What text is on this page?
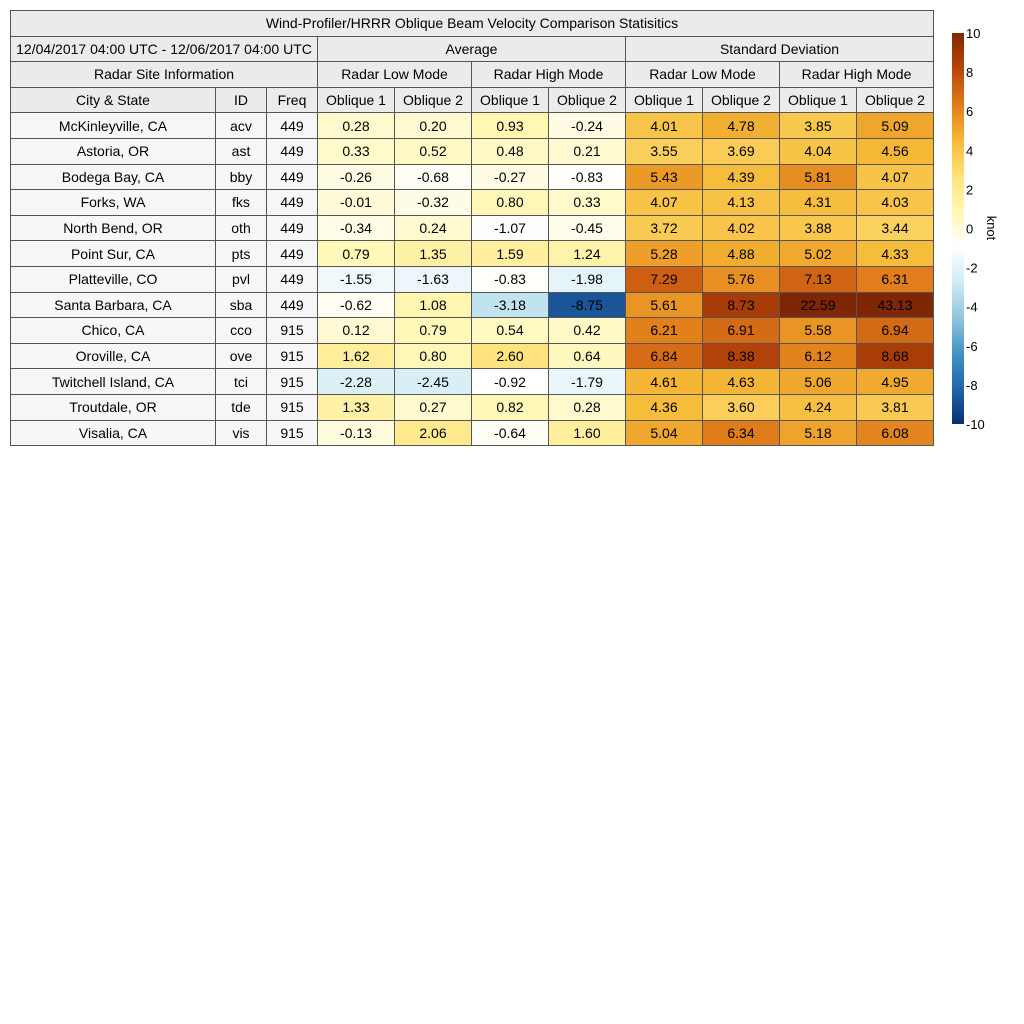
Wind-Profiler/HRRR Oblique Beam Velocity Comparison Statisitics										
12/04/2017 04:00 UTC - 12/06/2017 04:00 UTC			Average				Standard Deviation			
Radar Site Information			Radar Low Mode		Radar High Mode		Radar Low Mode		Radar High Mode	
City & State	ID	Freq	Oblique 1	Oblique 2	Oblique 1	Oblique 2	Oblique 1	Oblique 2	Oblique 1	Oblique 2
McKinleyville, CA	acv	449	0.28	0.20	0.93	-0.24	4.01	4.78	3.85	5.09
Astoria, OR	ast	449	0.33	0.52	0.48	0.21	3.55	3.69	4.04	4.56
Bodega Bay, CA	bby	449	-0.26	-0.68	-0.27	-0.83	5.43	4.39	5.81	4.07
Forks, WA	fks	449	-0.01	-0.32	0.80	0.33	4.07	4.13	4.31	4.03
North Bend, OR	oth	449	-0.34	0.24	-1.07	-0.45	3.72	4.02	3.88	3.44
Point Sur, CA	pts	449	0.79	1.35	1.59	1.24	5.28	4.88	5.02	4.33
Platteville, CO	pvl	449	-1.55	-1.63	-0.83	-1.98	7.29	5.76	7.13	6.31
Santa Barbara, CA	sba	449	-0.62	1.08	-3.18	-8.75	5.61	8.73	22.59	43.13
Chico, CA	cco	915	0.12	0.79	0.54	0.42	6.21	6.91	5.58	6.94
Oroville, CA	ove	915	1.62	0.80	2.60	0.64	6.84	8.38	6.12	8.68
Twitchell Island, CA	tci	915	-2.28	-2.45	-0.92	-1.79	4.61	4.63	5.06	4.95
Troutdale, OR	tde	915	1.33	0.27	0.82	0.28	4.36	3.60	4.24	3.81
Visalia, CA	vis	915	-0.13	2.06	-0.64	1.60	5.04	6.34	5.18	6.08
10
8
6
4
2
0
-2
-4
-6
-8
-10
knot
